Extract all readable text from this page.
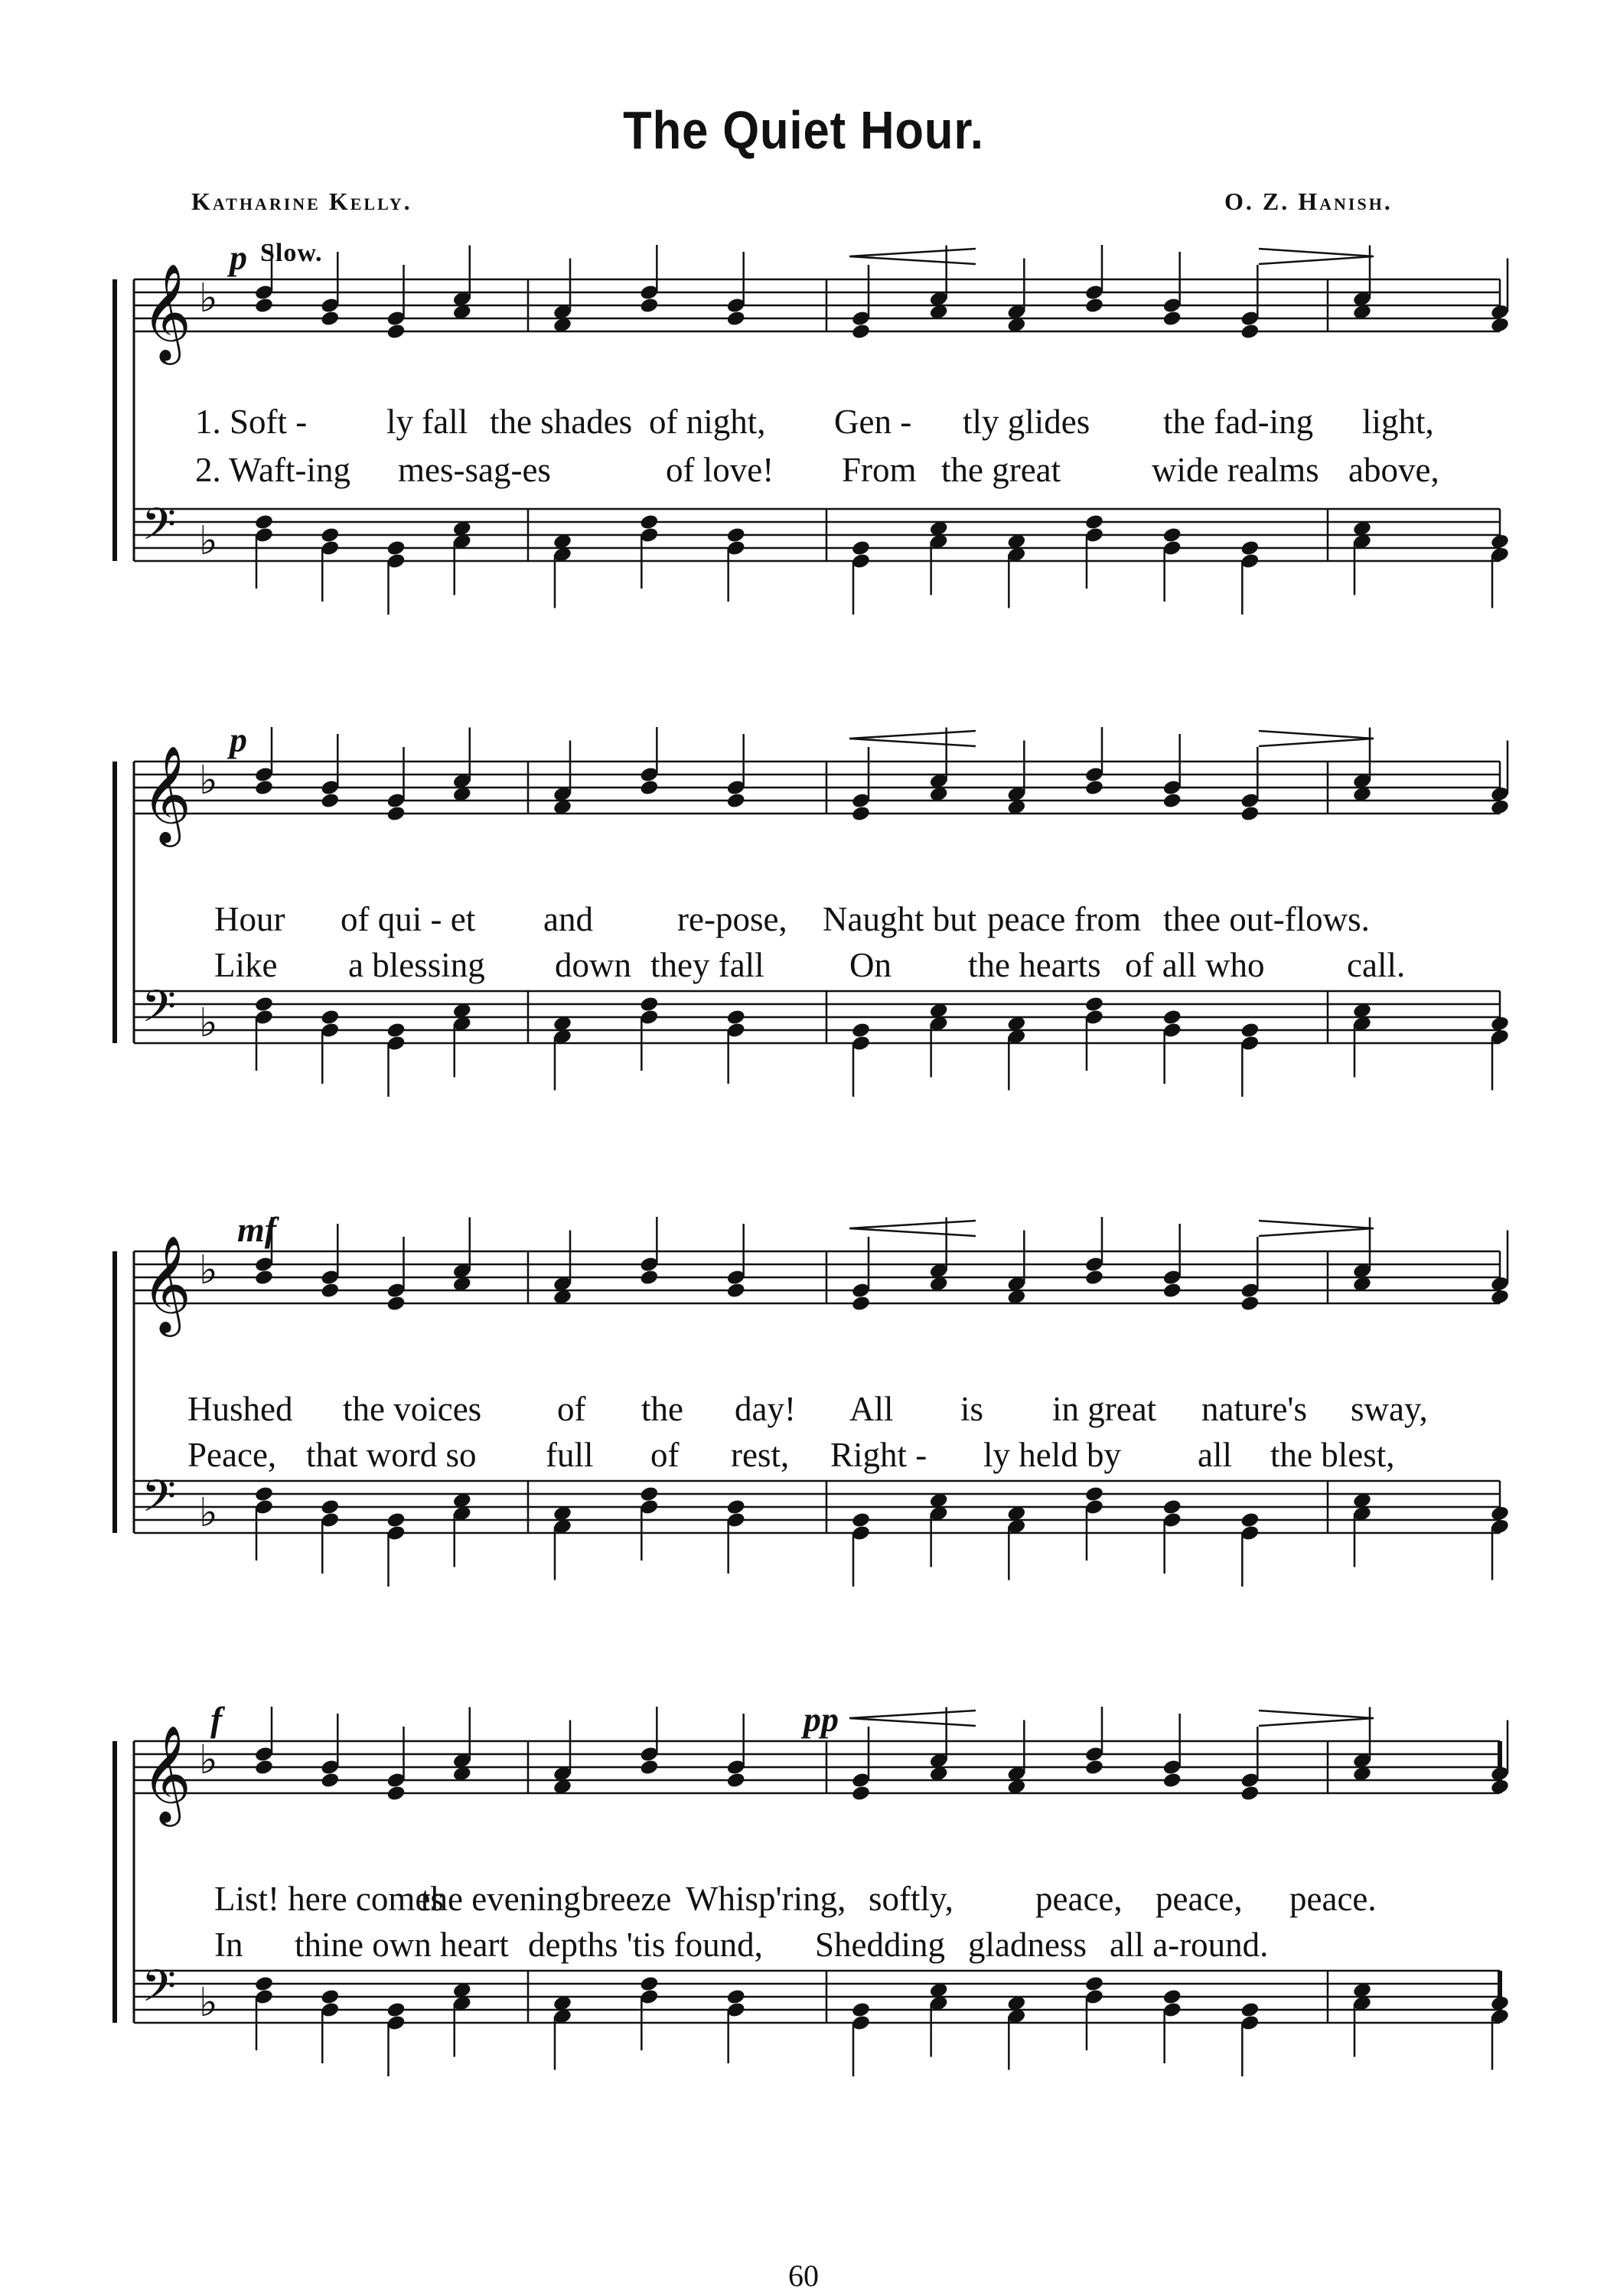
The Quiet Hour.
Katharine Kelly.	O. Z. Hanish.
𝄞 ♭
𝄢 ♭
p Slow.
1. Soft - ly fall the shades of night, Gen - tly glides the fad-ing light,
2. Waft-ing mes-sag-es	of love! From the great	wide realms above,
𝄞 ♭
𝄢 ♭
p
Hour of qui - et and re-pose, Naught but peace from thee out-flows.
Like a blessing down they fall On the hearts of all who call.
𝄞 ♭
𝄢 ♭
mf
Hushed the voices of the day! All is in great nature's sway,
Peace, that word so full of rest, Right - ly held by all the blest,
𝄞 ♭
𝄢 ♭
f	pp
List! here comes
the evening breeze Whisp'ring, softly, peace, peace, peace.
In thine own heart depths 'tis found, Shedding gladness all a-round.
60
